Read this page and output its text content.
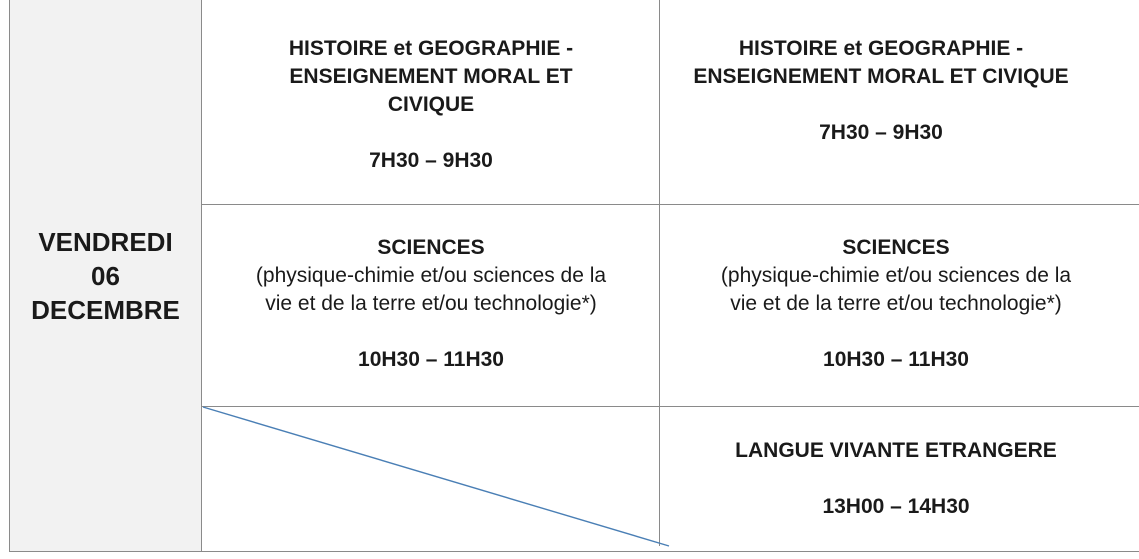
VENDREDI
06
DECEMBRE
HISTOIRE et GEOGRAPHIE -
ENSEIGNEMENT MORAL ET
CIVIQUE
7H30 – 9H30
HISTOIRE et GEOGRAPHIE -
ENSEIGNEMENT MORAL ET CIVIQUE
7H30 – 9H30
SCIENCES
(physique-chimie et/ou sciences de la
vie et de la terre et/ou technologie*)
10H30 – 11H30
SCIENCES
(physique-chimie et/ou sciences de la
vie et de la terre et/ou technologie*)
10H30 – 11H30
LANGUE VIVANTE ETRANGERE
13H00 – 14H30
